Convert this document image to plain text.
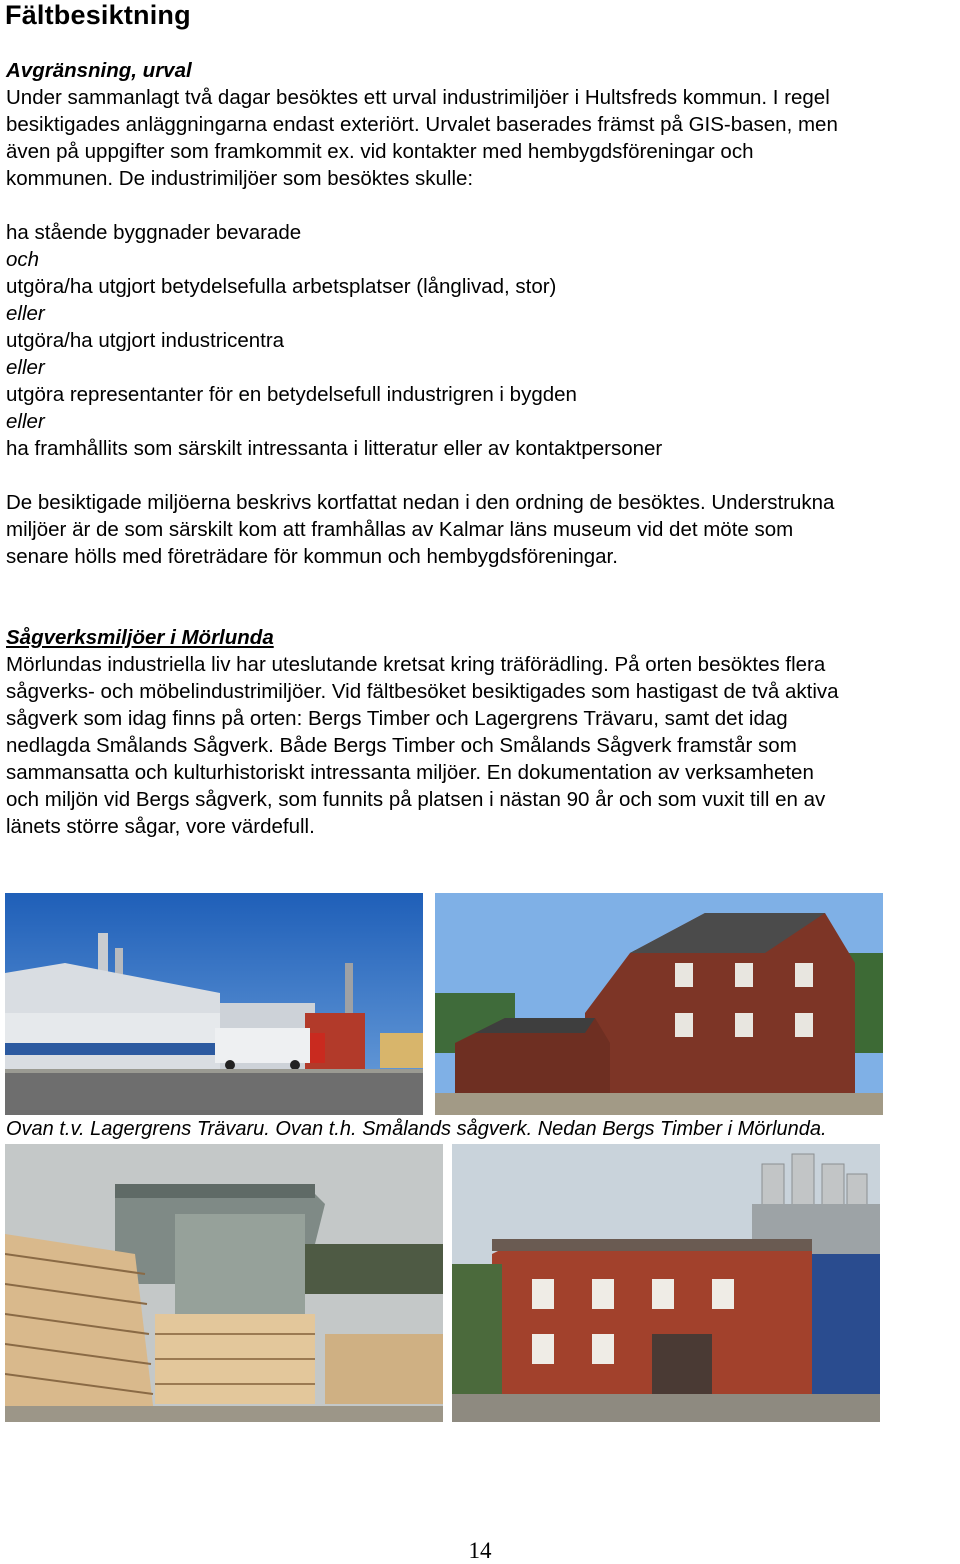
Fältbesiktning
Avgränsning, urval
Under sammanlagt två dagar besöktes ett urval industrimiljöer i Hultsfreds kommun. I regel
besiktigades anläggningarna endast exteriört. Urvalet baserades främst på GIS-basen, men
även på uppgifter som framkommit ex. vid kontakter med hembygdsföreningar och
kommunen. De industrimiljöer som besöktes skulle:
ha stående byggnader bevarade
och
utgöra/ha utgjort betydelsefulla arbetsplatser (långlivad, stor)
eller
utgöra/ha utgjort industricentra
eller
utgöra representanter för en betydelsefull industrigren i bygden
eller
ha framhållits som särskilt intressanta i litteratur eller av kontaktpersoner
De besiktigade miljöerna beskrivs kortfattat nedan i den ordning de besöktes. Understrukna
miljöer är de som särskilt kom att framhållas av Kalmar läns museum vid det möte som
senare hölls med företrädare för kommun och hembygdsföreningar.
Sågverksmiljöer i Mörlunda
Mörlundas industriella liv har uteslutande kretsat kring träförädling. På orten besöktes flera
sågverks- och möbelindustrimiljöer. Vid fältbesöket besiktigades som hastigast de två aktiva
sågverk som idag finns på orten: Bergs Timber och Lagergrens Trävaru, samt det idag
nedlagda Smålands Sågverk. Både Bergs Timber och Smålands Sågverk framstår som
sammansatta och kulturhistoriskt intressanta miljöer. En dokumentation av verksamheten
och miljön vid Bergs sågverk, som funnits på platsen i nästan 90 år och som vuxit till en av
länets större sågar, vore värdefull.
Ovan t.v. Lagergrens Trävaru. Ovan t.h. Smålands sågverk. Nedan Bergs Timber i Mörlunda.
14
